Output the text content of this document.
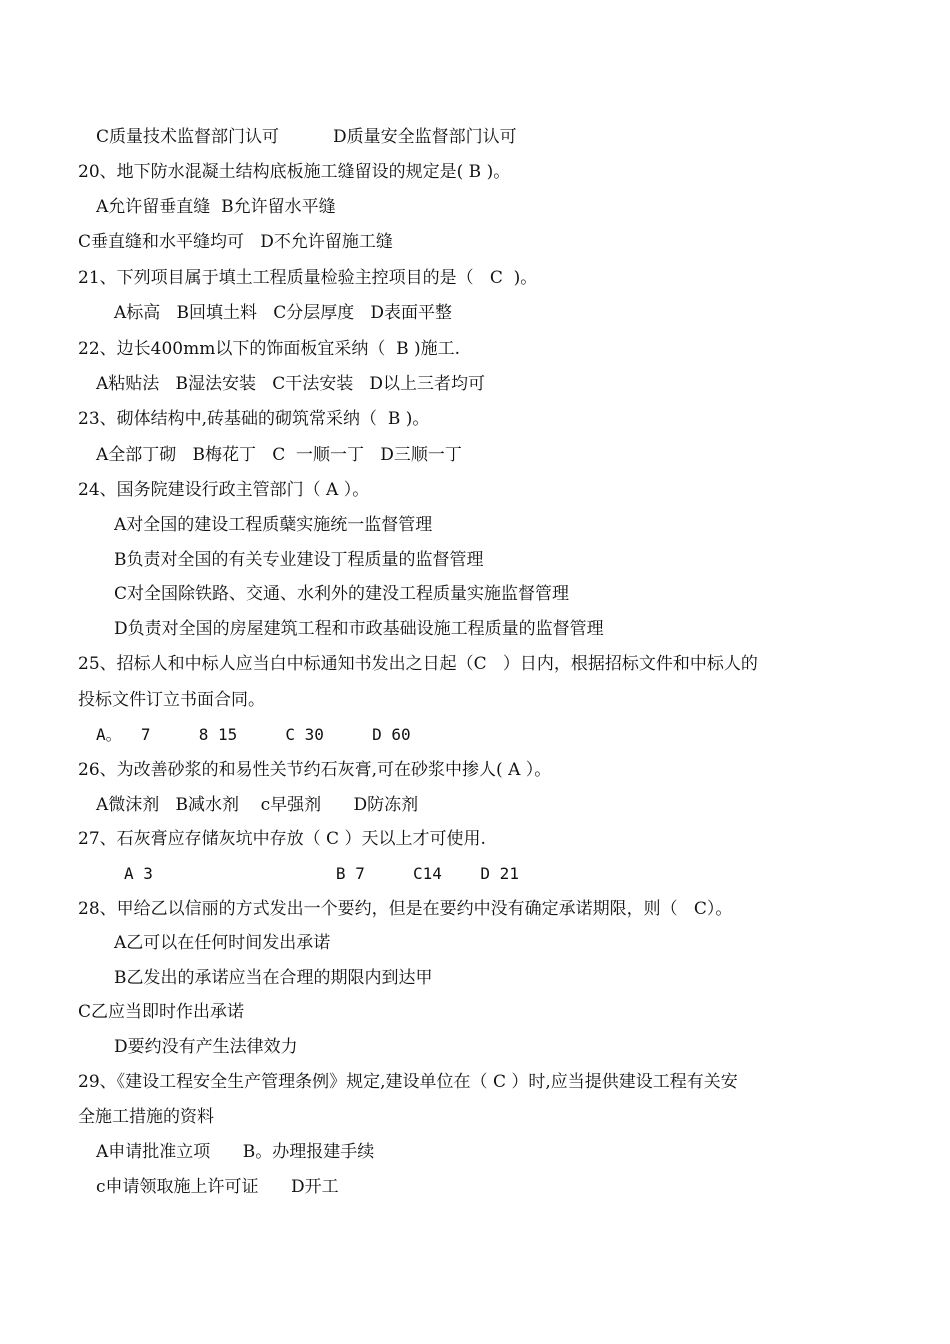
C质量技术监督部门认可          D质量安全监督部门认可
20、地下防水混凝土结构底板施工缝留设的规定是( B )。
A允许留垂直缝  B允许留水平缝
C垂直缝和水平缝均可   D不允许留施工缝
21、下列项目属于填土工程质量检验主控项目的是（   C  )。
A标高   B回填土料   C分层厚度   D表面平整
22、边长400mm以下的饰面板宜采纳（  B )施工.
A粘贴法   B湿法安装   C干法安装   D以上三者均可
23、砌体结构中,砖基础的砌筑常采纳（  B )。
A全部丁砌   B梅花丁   C  一顺一丁   D三顺一丁
24、国务院建设行政主管部门（ A ）。
A对全国的建设工程质蘖实施统一监督管理
B负责对全国的有关专业建设丁程质量的监督管理
C对全国除铁路、交通、水利外的建没工程质量实施监督管理
D负责对全国的房屋建筑工程和市政基础设施工程质量的监督管理
25、招标人和中标人应当白中标通知书发出之日起（C   ）日内，根据招标文件和中标人的
投标文件订立书面合同。
A。  7     8 15     C 30     D 60
26、为改善砂浆的和易性关节约石灰膏,可在砂浆中掺人( A ）。
A微沫剂   B减水剂    c早强剂      D防冻剂
27、石灰膏应存储灰坑中存放（ C ）天以上才可使用.
A 3                   B 7     C14    D 21
28、甲给乙以信丽的方式发出一个要约，但是在要约中没有确定承诺期限，则（   C）。
A乙可以在任何时间发出承诺
B乙发出的承诺应当在合理的期限内到达甲
C乙应当即时作出承诺
D要约没有产生法律效力
29、《建设工程安全生产管理条例》规定,建设单位在（ C ）时,应当提供建设工程有关安
全施工措施的资料
A申请批准立项      B。办理报建手续
c申请领取施上许可证      D开工
